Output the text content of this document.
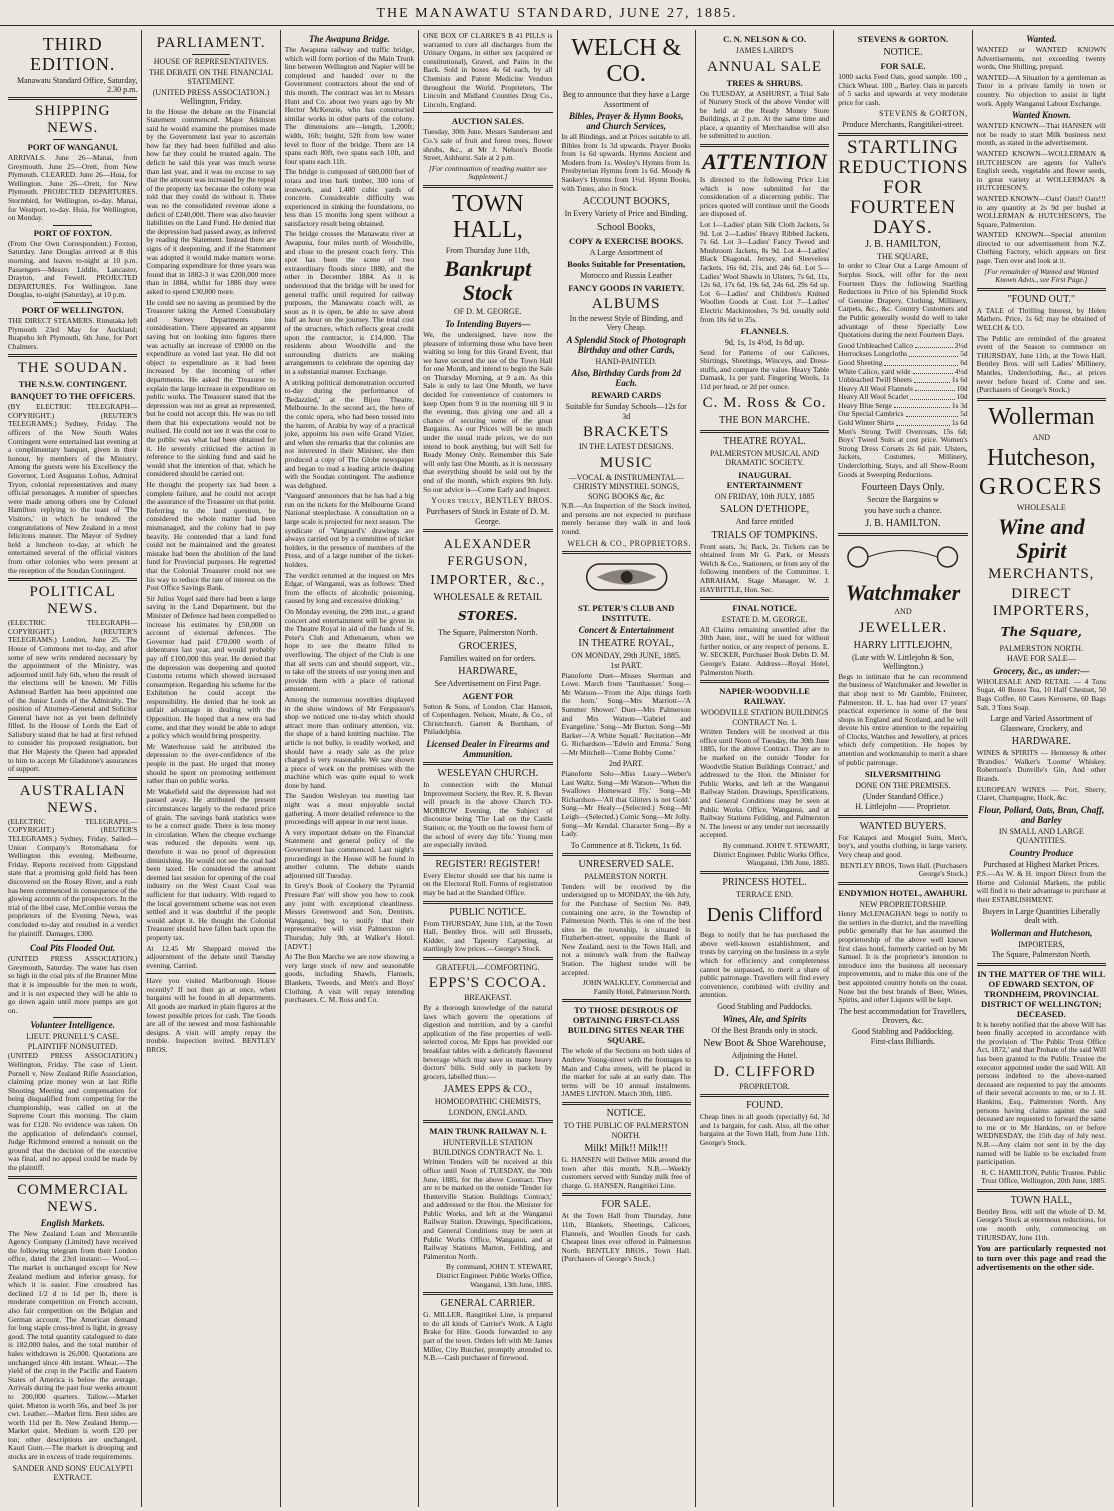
THE MANAWATU STANDARD, JUNE 27, 1885.
THIRD EDITION.
Manawatu Standard Office, Saturday, 2.30 p.m.
SHIPPING NEWS.
PORT OF WANGANUI.

ARRIVALS. June 26—Manai, from Greymouth. June 25—Orett, from New Plymouth. CLEARED. June 26—Huia, for Wellington. June 26—Orett, for New Plymouth. PROJECTED DEPARTURES. Stormbird, for Wellington, to-day. Manai, for Westport, to-day. Huia, for Wellington, on Monday.

PORT OF FOXTON.

(From Our Own Correspondent.) Foxton, Saturday. Jane Douglas arrived at 8 this morning, and leaves to-night at 10 p.m. Passengers—Messrs Liddle, Lancaster, Drayton, and Fewell. PROJECTED DEPARTURES. For Wellington. Jane Douglas, to-night (Saturday), at 10 p.m.

PORT OF WELLINGTON.

THE DIRECT STEAMERS. Rimutaka left Plymouth 23rd May for Auckland; Ruapehu left Plymouth, 6th June, for Port Chalmers.

THE SOUDAN.
THE N.S.W. CONTINGENT.
BANQUET TO THE OFFICERS.

(BY ELECTRIC TELEGRAPH—COPYRIGHT.) (REUTER'S TELEGRAMS.) Sydney, Friday. The officers of the New South Wales Contingent were entertained last evening at a complimentary banquet, given in their honour, by members of the Ministry. Among the guests were his Excellency the Governor, Lord Augustus Loftus, Admiral Tryon, colonial representatives and many official personages. A number of speeches were made among others one by Colonel Hamilton replying to the toast of 'The Visitors,' in which he tendered the congratulations of New Zealand in a most felicitous manner. The Mayor of Sydney held a luncheon to-day, at which he entertained several of the official visitors from other colonies who were present at the reception of the Soudan Contingent.

POLITICAL NEWS.

(ELECTRIC TELEGRAPH—COPYRIGHT.) (REUTER'S TELEGRAMS.) London, June 25. The House of Commons met to-day, and after some of new writs rendered necessary by the appointment of the Ministry, was adjourned until July 6th, when the result of the elections will be known. Mr Fillis Ashmead Bartlett has been appointed one of the Junior Lords of the Admiralty. The position of Attorney-General and Solicitor General have not as yet been definitely filled. In the House of Lords the Earl of Salisbury stated that he had at first refused to consider his proposed resignation, but that Her Majesty the Queen had appealed to him to accept Mr Gladstone's assurances of support.

AUSTRALIAN NEWS.

(ELECTRIC TELEGRAPH.—COPYRIGHT.) (REUTER'S TELEGRAMS.) Sydney, Friday. Sailed—Union Company's Rotomahana for Wellington this evening. Melbourne, Friday. Reports received from Gippsland state that a promising gold field has been discovered on the Rosey River, and a rush has been commenced in consequence of the glowing accounts of the prospectors. In the trial of the libel case, McCombie versus the proprietors of the Evening News, was concluded to-day and resulted in a verdict for plaintiff. Damages, £300.

Coal Pits Flooded Out.

(UNITED PRESS ASSOCIATION.) Greymouth, Saturday. The water has risen so high in the coal pits of the Brunner Mine that it is impossible for the men to work, and it is not expected they will be able to go down again until more pumps are got on.

Volunteer Intelligence.
LIEUT. PRUNELL'S CASE. PLAINTIFF NONSUITED.

(UNITED PRESS ASSOCIATION.) Wellington, Friday. The case of Lieut. Purnell v. New Zealand Rifle Association, claiming prize money won at last Rifle Shooting Meeting and compensation for being disqualified from competing for the championship, was called on at the Supreme Court this morning. The claim was for £120. No evidence was taken. On the application of defendant's counsel, Judge Richmond entered a nonsuit on the ground that the decision of the executive was final, and no appeal could be made by the plaintiff.

COMMERCIAL NEWS.
English Markets.

The New Zealand Loan and Mercantile Agency Company (Limited) have received the following telegram from their London office, dated the 23rd instant:— Wool.—The market is unchanged except for New Zealand medium and inferior greasy, for which it is easier. Fine crossbred has declined 1/2 d to 1d per lb, there is moderate competition on French account, also fair competition on the Belgian and German account. The American demand for long staple cross-bred is light, in greasy good. The total quantity catalogued to date is 182,000 bales, and the total number of bales withdrawn is 26,000. Quotations are unchanged since 4th instant. Wheat.—The yield of the crop in the Pacific and Eastern States of America is below the average. Arrivals during the past four weeks amount to 200,000 quarters. Tallow.—Market quiet. Mutton is worth 56s, and beef 3s per cwt. Leather.—Market firm. Best sides are worth 11d per lb. New Zealand Hemp.—Market quiet. Medium is worth £20 per ton; other descriptions are unchanged. Kauri Gum.—The market is drooping and stocks are in excess of trade requirements.

SANDER AND SONS' EUCALYPTI EXTRACT.
PARLIAMENT.
HOUSE OF REPRESENTATIVES.
THE DEBATE ON THE FINANCIAL STATEMENT.
(UNITED PRESS ASSOCIATION.) Wellington, Friday.

In the House the debate on the Financial Statement commenced. Major Atkinson said he would examine the promises made by the Government last year to ascertain how far they had been fulfilled and also how far they could be trusted again. The deficit he said this year was much worse than last year, and it was no excuse to say that the amount was increased by the repeal of the property tax because the colony was told that they could do without it. There was no the consolidated revenue alone a deficit of £240,000. There was also heavier liabilities on the Land Fund. He denied that the depression had passed away, as inferred by reading the Statement. Instead there are signs of it deepening, and if the Statement was adopted it would make matters worse. Comparing expenditure for three years was found that in 1882-3 it was £200,000 more than in 1884, whilst for 1886 they were asked to spend £30,000 more.

He could see no saving as promised by the Treasurer taking the Armed Constabulary and Survey Departments into consideration. There appeared an apparent saving but on looking into figures there was actually an increase of £9000 on the expenditure as voted last year. He did not object to expenditure as it had been increased by the incoming of other departments. He asked the Treasurer to explain the large increase in expenditure on public works. The Treasurer stated that the depression was not as great as represented, but he could not accept this. He was no tell them that his expectations would not be realised. He could not see it was the cost to the public was what had been obtained for it. He severely criticised the action in reference to the sinking fund and said he would shut the intention of that, which he considered should be carried out.

He thought the property tax had been a complete failure, and he could not accept the assurance of the Treasurer on that point. Referring to the land question, he considered the whole matter had been mismanaged, and the colony had to pay heavily. He contended that a land fund could not be maintained and the greatest mistake had been the abolition of the land fund for Provincial purposes. He regretted that the Colonial Treasurer could not see his way to reduce the rate of interest on the Post Office Savings Bank.

Sir Julius Vogel said there had been a large saving in the Land Department, but the Minister of Defence had been compelled to increase his estimates by £50,000 on account of external defences. The Governor had paid £70,000 worth of debentures last year, and would probably pay off £100,000 this year. He denied that the depression was deepening and quoted Customs returns which showed increased consumption. Regarding his scheme for the Exhibition he could accept the responsibility. He denied that he took an unfair advantage in dealing with the Opposition. He hoped that a new era had come, and that they would be able to adopt a policy which would bring prosperity.

Mr Waterhouse said he attributed the depression to the over-confidence of the people in the past. He urged that money should be spent on promoting settlement rather than on public works.

Mr Wakefield said the depression had not passed away. He attributed the present circumstances largely to the reduced price of grain. The savings bank statistics were to be a correct guide. There is less money in circulation. When the cheque exchange was reduced the deposits went up, therefore it was no proof of depression diminishing. He would not see the coal had been taxed. He considered the amount deemed last session for opening of the coal industry on the West Coast Coal was sufficient for that industry. With regard to the local government scheme was not even settled and it was doubtful if the people would adopt it. He thought the Colonial Treasurer should have fallen back upon the property tax.

At 12.45 Mr Sheppard moved the adjournment of the debate until Tuesday evening. Carried.

Have you visited Marlborough House recently? If not then go at once, when bargains will be found in all departments. All goods are marked in plain figures at the lowest possible prices for cash. The Goods are all of the newest and most fashionable designs. A visit will amply repay the trouble. Inspection invited. BENTLEY BROS.

The Awapuna Bridge.

The Awapuna railway and traffic bridge, which will form portion of the Main Trunk line between Wellington and Napier will be completed and handed over to the Government contractors about the end of this month. The contract was let to Messrs Hunt and Co. about two years ago by Mr Hector McKenzie, who has constructed similar works in other parts of the colony. The dimensions are—length, 1,200ft; width, 16ft; height, 52ft from low water level to floor of the bridge. There are 14 spans each 80ft, two spans each 10ft, and four spans each 11ft.

The bridge is composed of 600,000 feet of totara and iron bark timber, 300 tons of ironwork, and 1,400 cubic yards of concrete. Considerable difficulty was experienced in sinking the foundations, no less than 15 months long spent without a satisfactory result being obtained.

The bridge crosses the Manawatu river at Awapuna, four miles north of Woodville, and close to the present coach ferry. This spot has been the scene of two extraordinary floods since 1880, and the other in December 1884. As it is understood that the bridge will be used for general traffic until required for railway purposes, the Manawatu coach will, as soon as it is open, be able to save about half an hour on the journey. The total cost of the structure, which reflects great credit upon the contractor, is £14,000. The residents about Woodville and the surrounding districts are making arrangements to celebrate the opening day in a substantial manner. Exchange.

A striking political demonstration occurred to-day during the performance of 'Bedazzled,' at the Bijou Theatre, Melbourne. In the second act, the hero of the comic opera, who had been tossed into the harem, of Arabia by way of a practical joke, appoints his own wife Grand Vizier, and when she remarks that the colonies are not interested in their Minister, she then produced a copy of The Globe newspaper and began to read a leading article dealing with the Soudan contingent. The audience was delighted.

'Vanguard' announces that he has had a big run on the tickets for the Melbourne Grand National steeplechase. A consultation on a large scale is projected for next season. The syndicate of 'Vanguard's' drawings are always carried out by a committee of ticket holders, in the presence of members of the Press, and of a large number of the ticket-holders.

The verdict returned at the inquest on Mrs Edgar, of Wanganui, was as follows: 'Died from the effects of alcoholic poisoning, caused by long and excessive drinking.'

On Monday evening, the 29th inst., a grand concert and entertainment will be given in the Theatre Royal in aid of the funds of St. Peter's Club and Athenaeum, when we hope to see the theatre filled to overflowing. The object of the Club is one that all sects can and should support, viz., to take off the streets of our young men and provide them with a place of rational amusement.

Among the numerous novelties displayed in the show windows of Mr Fergusson's shop we noticed one to-day which should attract more than ordinary attention, viz. the shape of a hand knitting machine. The article is not bulky, is readily worked, and should have a ready sale as the price charged is very reasonable. We saw shown a piece of work on the premises with the machine which was quite equal to work done by hand.

The Sandon Wesleyan tea meeting last night was a most enjoyable social gathering. A more detailed reference to the proceedings will appear in our next issue.

A very important debate on the Financial Statement and general policy of the Government has commenced. Last night's proceedings in the House will be found in another column. The debate stands adjourned till Tuesday.

In Grey's Book of Cookery the 'Pyramid Pressure Pan' will show you how to cook any joint with exceptional cleanliness. Messrs Greenwood and Son, Dentists, Wanganui, beg to notify that their representative will visit Palmerston on Thursday, July 9th, at Walker's Hotel. [ADVT.]

At The Bon Marche we are now showing a very large stock of new and seasonable goods, including Shawls, Flannels, Blankets, Tweeds, and Men's and Boys' Clothing. A visit will repay intending purchasers. C. M. Ross and Co.

ONE BOX OF CLARKE'S B 41 PILLS is warranted to cure all discharges from the Urinary Organs, in either sex (acquired or constitutional), Gravel, and Pains in the Back. Sold in boxes 4s 6d each, by all Chemists and Patent Medicine Vendors throughout the World. Proprietors, The Lincoln and Midland Counties Drug Co., Lincoln, England.

AUCTION SALES.

Tuesday, 30th June. Messrs Sanderson and Co.'s sale of fruit and forest trees, flower shrubs, &c., at Mr J. Nelson's Bootle Street, Ashhurst. Sale at 2 p.m.

[For continuation of reading matter see Supplement.]

TOWN HALL,
From Thursday June 11th,
Bankrupt Stock
OF D. M. GEORGE.
To Intending Buyers—

We, the undersigned, have now the pleasure of informing those who have been waiting so long for this Grand Event, that we have secured the use of the Town Hall for one Month, and intend to begin the Sale on Thursday Morning, at 9 a.m. As this Sale is only to last One Month, we have decided for convenience of customers to keep Open from 9 in the morning till 9 in the evening, thus giving one and all a chance of securing some of the great Bargains. As our Prices will be so much under the usual trade prices, we do not intend to book anything, but will Sell for Ready Money Only. Remember this Sale will only last One Month, as it is necessary that everything should be sold out by the end of the month, which expires 9th July. So our advice is—Come Early and Inspect.

Yours truly, BENTLEY BROS.
Purchasers of Stock in Estate of D. M. George.
ALEXANDER FERGUSON,
IMPORTER, &c.,
WHOLESALE & RETAIL
STORES.
The Square, Palmerston North.
GROCERIES,
Families waited on for orders.
HARDWARE,
See Advertisement on First Page.
AGENT FOR

Sutton & Sons, of London. Clar. Hanson, of Copenhagen. Nelson, Moate, & Co., of Christchurch. Garrett & Burnham, of Philadelphia.

Licensed Dealer in Firearms and Ammunition.
WESLEYAN CHURCH.

In connection with the Mutual Improvement Society, the Rev. R. S. Bevan will preach in the above Church TO-MORROW Evening, the Subject of discourse being 'The Lad on the Castle Station; or, the Youth on the lowest form of the school of every day life.' Young men are especially invited.

REGISTER! REGISTER!

Every Elector should see that his name is on the Electoral Roll. Forms of registration may be had at the Standard Office.

PUBLIC NOTICE.

From THURSDAY, June 11th, at the Town Hall, Bentley Bros. will sell Brussels, Kidder, and Tapestry Carpeting, at startlingly low prices.—George's Stock.

GRATEFUL—COMFORTING.
EPPS'S COCOA.
BREAKFAST.

By a thorough knowledge of the natural laws which govern the operations of digestion and nutrition, and by a careful application of the fine properties of well-selected cocoa, Mr Epps has provided our breakfast tables with a delicately flavoured beverage which may save us many heavy doctors' bills. Sold only in packets by grocers, labelled thus:—

JAMES EPPS & CO.,
HOMOEOPATHIC CHEMISTS,
LONDON, ENGLAND.
MAIN TRUNK RAILWAY N. I.
HUNTERVILLE STATION BUILDINGS CONTRACT No. 1.

Written Tenders will be received at this office until Noon of TUESDAY, the 30th June, 1885, for the above Contract. They are to be marked on the outside 'Tender for Hunterville Station Buildings Contract,' and addressed to the Hon. the Minister for Public Works, and left at the Wanganui Railway Station. Drawings, Specifications, and General Conditions may be seen at Public Works Office, Wanganui, and at Railway Stations Marton, Feilding, and Palmerston North.

By command, JOHN T. STEWART, District Engineer. Public Works Office, Wanganui, 13th June, 1885.

GENERAL CARRIER.

G. MILLER, Rangitikei Line, is prepared to do all kinds of Carrier's Work. A Light Brake for Hire. Goods forwarded to any part of the town. Orders left with Mr James Miller, City Butcher, promptly attended to. N.B.—Cash purchaser of firewood.

WELCH & CO.
Beg to announce that they have a Large Assortment of
Bibles, Prayer & Hymn Books, and Church Services,

In all Bindings, and at Prices suitable to all. Bibles from 1s 3d upwards. Prayer Books from 1s 6d upwards. Hymns Ancient and Modern from 1s. Wesley's Hymns from 1s. Presbyterian Hymns from 1s 6d. Moody & Sankey's Hymns from 1½d. Hymn Books, with Tunes, also in Stock.

ACCOUNT BOOKS,
In Every Variety of Price and Binding.
School Books,
COPY & EXERCISE BOOKS.
A Large Assortment of
Books Suitable for Presentation,
Morocco and Russia Leather
FANCY GOODS IN VARIETY.
ALBUMS
In the newest Style of Binding, and Very Cheap.
A Splendid Stock of Photograph Birthday and other Cards,
HAND-PAINTED.
Also, Birthday Cards from 2d Each.
REWARD CARDS
Suitable for Sunday Schools—12s for 3d
BRACKETS
IN THE LATEST DESIGNS.
MUSIC
—VOCAL & INSTRUMENTAL— CHRISTY MINSTREL SONGS, SONG BOOKS &c, &c

N.B.—An Inspection of the Stock invited, and persons are not expected to purchase merely because they walk in and look round.

WELCH & CO., PROPRIETORS.
ST. PETER'S CLUB AND INSTITUTE.
Concert & Entertainment
IN THEATRE ROYAL,
ON MONDAY, 29th JUNE, 1885.
1st PART.

Pianoforte Duet—Misses Skerman and Lowe. March from 'Tannhauser.' Song—Mr Watson—'From the Alps things forth the horn.' Song—Mrs Marriott—'A Summer Shower.' Duet—Mrs Palmerson and Mrs Watson—'Gabriel and Evangeline.' Song—Mr Burton. Song—Mr Barker—'A White Squall.' Recitation—Mr G. Richardson—'Edwin and Emma.' Song—Mr Mitchell—'Come Bobby Come.'

2nd PART.

Pianoforte Solo—Miss Leary—Weber's Last Waltz. Song—Mr Watson—'When the Swallows Homeward Fly.' Song—Mr Richardson—'All that Glitters is not Gold.' Song—Mr Healy—(Selected.) Song—Mr Leigh—(Selected.) Comic Song—Mr Jolly. Song—Mr Kendal. Character Song—By a Lady.

To Commence at 8. Tickets, 1s 6d.
UNRESERVED SALE.
PALMERSTON NORTH.

Tenders will be received by the undersigned up to MONDAY, the 6th July, for the Purchase of Section No. 849, containing one acre, in the Township of Palmerston North. This is one of the best sites in the township, is situated in Fitzherbert-street, opposite the Bank of New Zealand, next to the Town Hall, and not a minute's walk from the Railway Station. The highest tender will be accepted.

JOHN WALKLEY, Commercial and Family Hotel, Palmerston North.

TO THOSE DESIROUS OF OBTAINING FIRST-CLASS BUILDING SITES NEAR THE SQUARE.

The whole of the Sections on both sides of Andrew Young-street with the frontages to Main and Cuba streets, will be placed in the market for sale at an early date. The terms will be 10 annual instalments. JAMES LINTON. March 30th, 1885.

NOTICE.
TO THE PUBLIC OF PALMERSTON NORTH.
Milk! Milk!! Milk!!!

G. HANSEN will Deliver Milk around the town after this month. N.B.—Weekly customers served with Sunday milk free of charge. G. HANSEN, Rangitikei Line.

FOR SALE.

At the Town Hall from Thursday, June 11th, Blankets, Sheetings, Calicoes, Flannels, and Woollen Goods for cash. Cheapest lines ever offered in Palmerston North. BENTLEY BROS., Town Hall. (Purchasers of George's Stock.)

C. N. NELSON & CO.
JAMES LAIRD'S
ANNUAL SALE
TREES & SHRUBS.

On TUESDAY, at ASHURST, a Trial Sale of Nursery Stock of the above Vendor will be held at the Ready Money Store Buildings, at 2 p.m. At the same time and place, a quantity of Merchandise will also be submitted to auction.

ATTENTION

Is directed to the following Price List which is now submitted for the consideration of a discerning public. The prices quoted will continue until the Goods are disposed of.

Lot 1—Ladies' plain Silk Cloth Jackets, 5s 9d. Lot 2—Ladies' Heavy Ribbed Jackets, 7s 6d. Lot 3—Ladies' Fancy Tweed and Mushroom Jackets, 8s 9d. Lot 4—Ladies' Black Diagonal, Jersey, and Sleeveless Jackets, 16s 6d, 21s, and 24s 6d. Lot 5—Ladies' Wool Shawls in Ulsters, 7s 6d, 11s, 12s 6d, 17s 6d, 19s 6d, 24s 6d, 29s 6d up. Lot 6—Ladies' and Children's Knitted Woollen Goods at Cost. Lot 7—Ladies' Electric Mackintoshes, 7s 9d, usually sold from 18s 6d to 25s.

FLANNELS.
9d, 1s, 1s 4½d, 1s 8d up.

Send for Patterns of our Calicoes, Shirtings, Sheetings, Winceys, and Dress-stuffs, and compare the value. Heavy Table Damask, 1s per yard. Fingering Wools, 1s 11d per head, or 2d per ounce.

C. M. Ross & Co.
THE BON MARCHE.
THEATRE ROYAL.
PALMERSTON MUSICAL AND DRAMATIC SOCIETY.
INAUGURAL ENTERTAINMENT
ON FRIDAY, 10th JULY, 1885
SALON D'ETHIOPE,
And farce entitled
TRIALS OF TOMPKINS.

Front seats, 3s; Back, 2s. Tickets can be obtained from Mr G. Park, or Messrs Welch & Co., Stationers, or from any of the following members of the Committee. I. ABRAHAM, Stage Manager. W. J. HAYBITTLE, Hon. Sec.

FINAL NOTICE.
ESTATE D. M. GEORGE.

All Claims remaining unsettled after the 30th June, inst., will be sued for without further notice, or any respect of persons. E. W. SECKER, Purchaser Book Debts D. M. George's Estate. Address—Royal Hotel, Palmerston North.

NAPIER-WOODVILLE RAILWAY.
WOODVILLE STATION BUILDINGS CONTRACT No. 1.

Written Tenders will be received at this office until Noon of Tuesday, the 30th June 1885, for the above Contract. They are to be marked on the outside 'Tender for Woodville Station Buildings Contract,' and addressed to the Hon. the Minister for Public Works, and left at the Wanganui Railway Station. Drawings, Specifications, and General Conditions may be seen at Public Works Office, Wanganui, and at Railway Stations Feilding, and Palmerston N. The lowest or any tender not necessarily accepted.

By command. JOHN T. STEWART, District Engineer. Public Works Office, Wanganui, 13th June, 1885.

PRINCESS HOTEL.
TERRACE END.
Denis Clifford

Begs to notify that he has purchased the above well-known establishment, and trusts by carrying on the business in a style which for efficiency and completeness cannot be surpassed, to merit a share of public patronage. Travellers will find every convenience, combined with civility and attention.

Good Stabling and Paddocks.
Wines, Ale, and Spirits
Of the Best Brands only in stock.
New Boot & Shoe Warehouse,
Adjoining the Hotel.
D. CLIFFORD
PROPRIETOR.
FOUND.

Cheap lines in all goods (specially) 6d, 3d and 1s bargain, for cash. Also, all the other bargains at the Town Hall, from June 11th. George's Stock.

STEVENS & GORTON.
NOTICE.
FOR SALE.

1000 sacks Feed Oats, good sample. 100 ,, Chick Wheat. 100 ,, Barley. Oats in parcels of 5 sacks and upwards at very moderate price for cash.

STEVENS & GORTON,
Produce Merchants, Rangitikei-street.
STARTLING
REDUCTIONS
FOR
FOURTEEN
DAYS.
J. B. HAMILTON,
THE SQUARE,

In order to Clear Out a Large Amount of Surplus Stock, will offer for the next Fourteen Days the following Startling Reductions in Price of his Splendid Stock of Genuine Drapery, Clothing, Millinery, Carpets, &c., &c. Country Customers and the Public generally would do well to take advantage of these Specially Low Quotations during the next Fourteen Days.

Good Unbleached Calico	2½d
Horrockses Longcloths	5d
Good Sheeting	6d
White Calico, yard wide	4½d
Unbleached Twill Sheets	1s 6d
Heavy All Wool Flannels	10d
Heavy All Wool Scarlet	10d
Heavy Blue Serge	1s 3d
Our Special Cambrics	5d
Gold Winter Shirts	1s 6d

Men's Strong Twill Overcoats, 15s 6d; Boys' Tweed Suits at cost price. Women's Strong Dress Corsets 2s 6d pair. Ulsters, Jackets, Costumes, Millinery, Underclothing, Stays, and all Show-Room Goods at Sweeping Reductions.

Fourteen Days Only.
Secure the Bargains w
you have such a chance.
J. B. HAMILTON.
Watchmaker
AND
JEWELLER.
HARRY LITTLEJOHN,
(Late with W. Littlejohn & Son, Wellington.)

Begs to intimate that he can recommend the business of Watchmaker and Jeweller in that shop next to Mr Gamble, Fruiterer, Palmerston. H. L. has had over 17 years' practical experience in some of the best shops in England and Scotland, and he will devote his entire attention to the repairing of Clocks, Watches and Jewellery, at prices which defy competition. He hopes by attention and workmanship to merit a share of public patronage.

SILVERSMITHING
DONE ON THE PREMISES.
(Under Standard Office.)
H. Littlejohn —— Proprietor.
WANTED BUYERS.

For Kaiapoi and Mosgiel Suits, Men's, boy's, and youths clothing, in large variety. Very cheap and good.

BENTLEY BROS, Town Hall. (Purchasers George's Stock.)

ENDYMION HOTEL, AWAHURI.
NEW PROPRIETORSHIP.

Henry McLENAGHAN begs to notify to the settlers in the district, and the travelling public generally that he has assumed the proprietorship of the above well known first class hotel, formerly carried on by Mr Samuel. It is the proprietor's intention to introduce into the business all necessary improvements, and to make this one of the best appointed country hotels on the coast. None but the best brands of Beer, Wines, Spirits, and other Liquors will be kept.

The best accommodation for Travellers, Drovers, &c.
Good Stabling and Paddocking.
First-class Billiards.
Wanted.

WANTED or WANTED KNOWN Advertisements, not exceeding twenty words, One Shilling, prepaid.

WANTED—A Situation by a gentleman as Tutor in a private family in town or country. No objection to assist in light work. Apply Wanganui Labour Exchange.

Wanted Known.

WANTED KNOWN—That HANSEN will not be ready to start Milk business next month, as stated in the advertisement.

WANTED KNOWN—WOLLERMAN & HUTCHESON are agents for Vallet's English seeds, vegetable and flower seeds, in great variety at WOLLERMAN & HUTCHESON'S.

WANTED KNOWN—Oats! Oats!! Oats!!! in any quantity at 2s 9d per bushel at WOLLERMAN & HUTCHESON'S, The Square, Palmerston.

WANTED KNOWN—Special attention directed to our advertisement from N.Z. Clothing Factory, which appears on first page. Turn over and look at it.

[For remainder of Wanted and Wanted Known Advts., see First Page.]

"FOUND OUT."

A TALE of Thrilling Interest, by Helen Mathers. Price, 1s 6d; may be obtained of WELCH & CO.

The Public are reminded of the greatest event of the Season to commence on THURSDAY, June 11th, at the Town Hall. Bentley Bros. will sell Ladies' Millinery, Mantles, Underclothing, &c., at prices never before heard of. Come and see. (Purchasers of George's Stock.)

Wollerman
AND
Hutcheson,
GROCERS
WHOLESALE
Wine and Spirit
MERCHANTS,
DIRECT IMPORTERS,
The Square,
PALMERSTON NORTH.
HAVE FOR SALE—
Grocery, &c., as under:—

WHOLESALE AND RETAIL — 4 Tons Sugar, 40 Boxes Tea, 10 Half Chestset, 50 Bags Coffee, 60 Cases Kerosene, 60 Bags Salt, 3 Tons Soap.

Large and Varied Assortment of Glassware, Crockery, and
HARDWARE.

WINES & SPIRITS — Hennessy & other 'Brandies.' Walker's 'Loorne' Whiskey. Robertson's Dunville's Gin, And other Brands.

EUROPEAN WINES — Port, Sherry, Claret, Champagne, Hock, &c.

Flour, Pollard, Oats, Bran, Chaff, and Barley
IN SMALL AND LARGE QUANTITIES.
Country Produce
Purchased at Highest Market Prices.

P.S.—As W. & H. import Direct from the Home and Colonial Markets, the public will find it to their advantage to purchase at their ESTABLISHMENT.

Buyers in Large Quantities Liberally dealt with.
Wollerman and Hutcheson,
IMPORTERS,
The Square, Palmerston North.
IN THE MATTER OF THE WILL OF EDWARD SEXTON, OF TRONDHEIM, PROVINCIAL DISTRICT OF WELLINGTON; DECEASED.

It is hereby notified that the above Will has been finally accepted in accordance with the provision of 'The Public Trust Office Act, 1872,' and that Probate of the said Will has been granted to the Public Trustee the executor appointed under the said Will. All persons indebted to the above-named deceased are requested to pay the amounts of their several accounts to me, or to J. H. Hankins, Esq., Palmerston North. Any persons having claims against the said deceased are requested to forward the same to me or to Mr Hankins, on or before WEDNESDAY, the 15th day of July next. N.B.—Any claim not sent in by the day named will be liable to be excluded from participation.

R. C. HAMILTON, Public Trustee. Public Trust Office, Wellington, 20th June, 1885.

TOWN HALL,

Bentley Bros. will sell the whole of D. M. George's Stock at enormous reductions, for one month only, commencing on THURSDAY, June 11th.

You are particularly requested not to turn over this page and read the advertisements on the other side.
